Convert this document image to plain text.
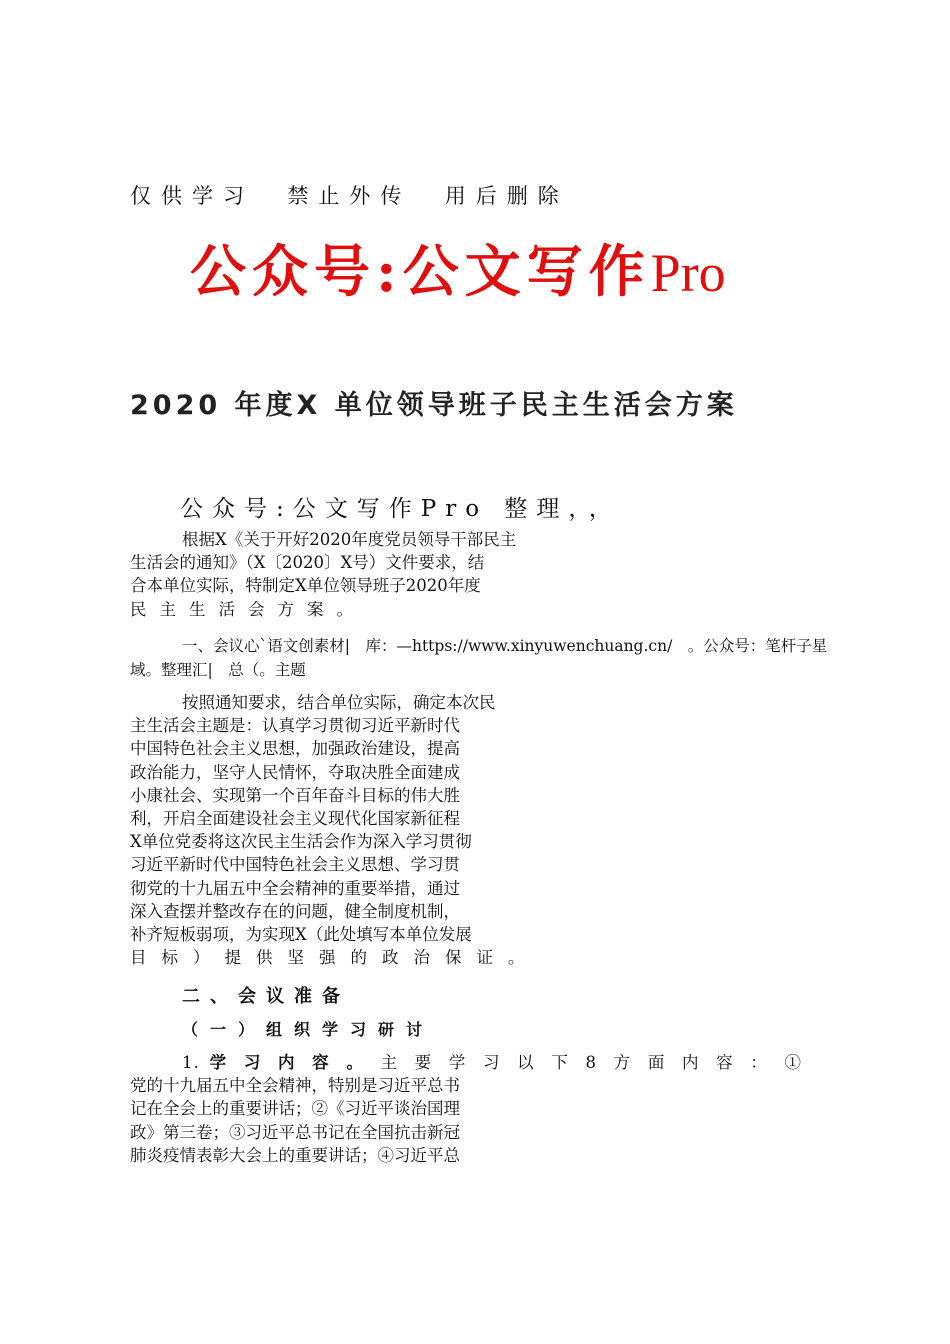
仅供学习  禁止外传  用后删除
公众号:公文写作Pro
2020 年度X 单位领导班子民主生活会方案
公众号:公文写作Pro 整理，，
根据X《关于开好2020年度党员领导干部民主
生活会的通知》（X〔2020〕X号）文件要求，结
合本单位实际，特制定X单位领导班子2020年度
民主生活会方案。
一、会议心`语文创素材|　库：—https://www.xinyuwenchuang.cn/　。公众号：笔杆子星域。整理汇|　总（。主题
按照通知要求，结合单位实际，确定本次民
主生活会主题是：认真学习贯彻习近平新时代
中国特色社会主义思想，加强政治建设，提高
政治能力，坚守人民情怀，夺取决胜全面建成
小康社会、实现第一个百年奋斗目标的伟大胜
利，开启全面建设社会主义现代化国家新征程
X单位党委将这次民主生活会作为深入学习贯彻
习近平新时代中国特色社会主义思想、学习贯
彻党的十九届五中全会精神的重要举措，通过
深入查摆并整改存在的问题，健全制度机制，
补齐短板弱项，为实现X（此处填写本单位发展
目标）提供坚强的政治保证。
二、会议准备
（一）组织学习研讨
1. 学习内容。主要学习以下8方面内容：①
党的十九届五中全会精神，特别是习近平总书
记在全会上的重要讲话；②《习近平谈治国理
政》第三卷；③习近平总书记在全国抗击新冠
肺炎疫情表彰大会上的重要讲话；④习近平总
